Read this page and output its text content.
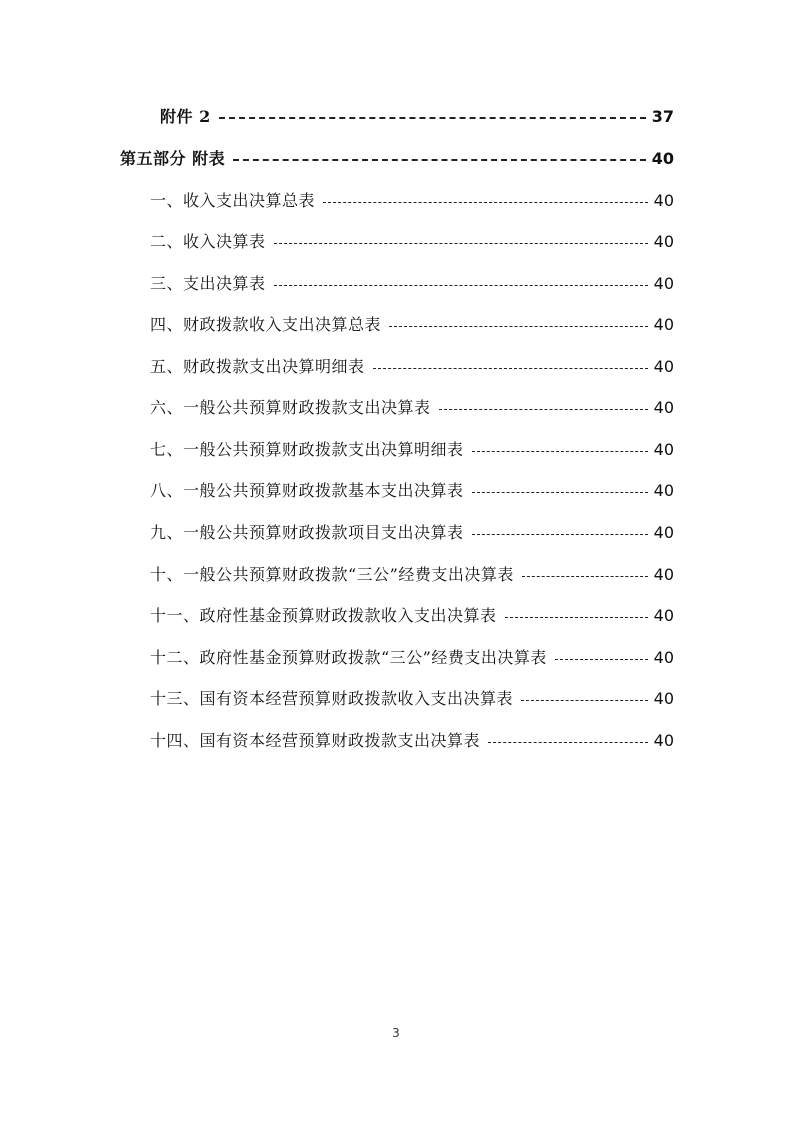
附件 2	37
第五部分 附表	40
一、收入支出决算总表	40
二、收入决算表	40
三、支出决算表	40
四、财政拨款收入支出决算总表	40
五、财政拨款支出决算明细表	40
六、一般公共预算财政拨款支出决算表	40
七、一般公共预算财政拨款支出决算明细表	40
八、一般公共预算财政拨款基本支出决算表	40
九、一般公共预算财政拨款项目支出决算表	40
十、一般公共预算财政拨款“三公”经费支出决算表	40
十一、政府性基金预算财政拨款收入支出决算表	40
十二、政府性基金预算财政拨款“三公”经费支出决算表	40
十三、国有资本经营预算财政拨款收入支出决算表	40
十四、国有资本经营预算财政拨款支出决算表	40
3
